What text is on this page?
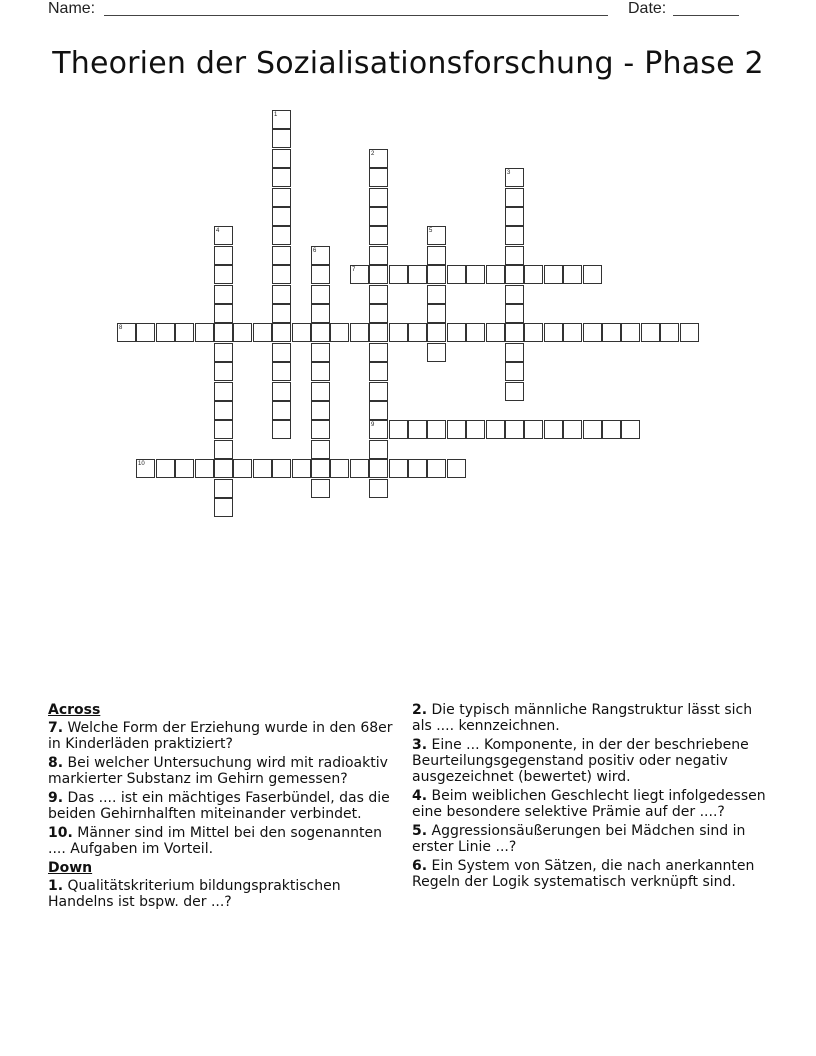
Name:	Date:
Theorien der Sozialisationsforschung - Phase 2
1
2
3
4	5
6
7
8
9
10
Across
7. Welche Form der Erziehung wurde in den 68er in Kinderläden praktiziert?
8. Bei welcher Untersuchung wird mit radioaktiv markierter Substanz im Gehirn gemessen?
9. Das .... ist ein mächtiges Faserbündel, das die beiden Gehirnhalften miteinander verbindet.
10. Männer sind im Mittel bei den sogenannten .... Aufgaben im Vorteil.
Down
1. Qualitätskriterium bildungspraktischen Handelns ist bspw. der ...?
2. Die typisch männliche Rangstruktur lässt sich als .... kennzeichnen.
3. Eine ... Komponente, in der der beschriebene Beurteilungsgegenstand positiv oder negativ ausgezeichnet (bewertet) wird.
4. Beim weiblichen Geschlecht liegt infolgedessen eine besondere selektive Prämie auf der ....?
5. Aggressionsäußerungen bei Mädchen sind in erster Linie ...?
6. Ein System von Sätzen, die nach anerkannten Regeln der Logik systematisch verknüpft sind.
